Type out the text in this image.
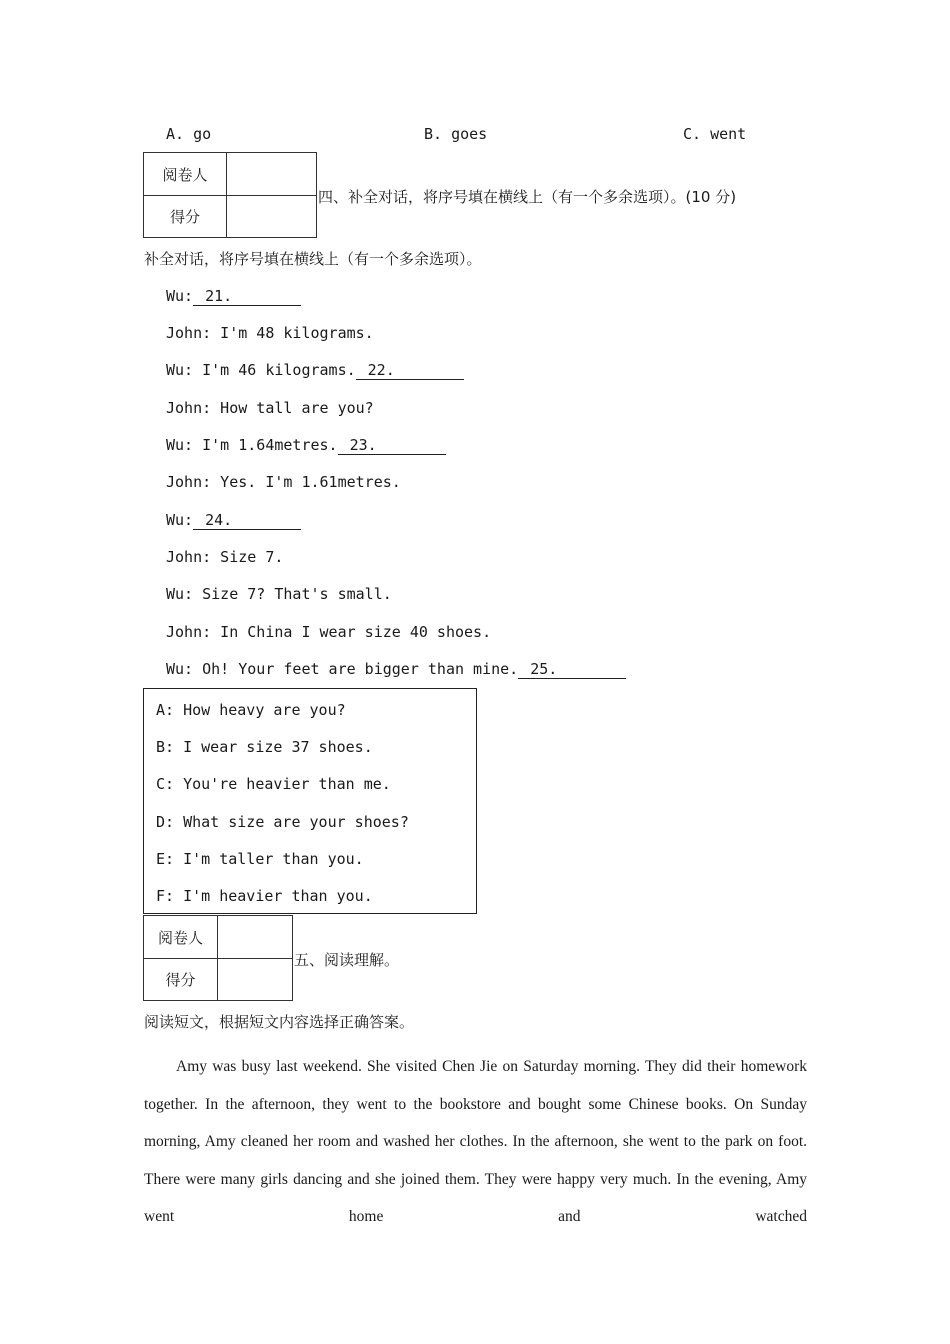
A. go	B. goes	C. went
阅卷人	
得分	
四、补全对话，将序号填在横线上（有一个多余选项）。(10 分)
补全对话，将序号填在横线上（有一个多余选项）。
Wu: 21.
John: I'm 48 kilograms.
Wu: I'm 46 kilograms. 22.
John: How tall are you?
Wu: I'm 1.64metres. 23.
John: Yes. I'm 1.61metres.
Wu: 24.
John: Size 7.
Wu: Size 7? That's small.
John: In China I wear size 40 shoes.
Wu: Oh! Your feet are bigger than mine. 25.
A: How heavy are you?
B: I wear size 37 shoes.
C: You're heavier than me.
D: What size are your shoes?
E: I'm taller than you.
F: I'm heavier than you.
阅卷人	
得分	
五、阅读理解。
阅读短文，根据短文内容选择正确答案。

Amy was busy last weekend. She visited Chen Jie on Saturday morning. They did their homework together. In the afternoon, they went to the bookstore and bought some Chinese books. On Sunday morning, Amy cleaned her room and washed her clothes. In the afternoon, she went to the park on foot. There were many girls dancing and she joined them. They were happy very much. In the evening, Amy went home and watched
